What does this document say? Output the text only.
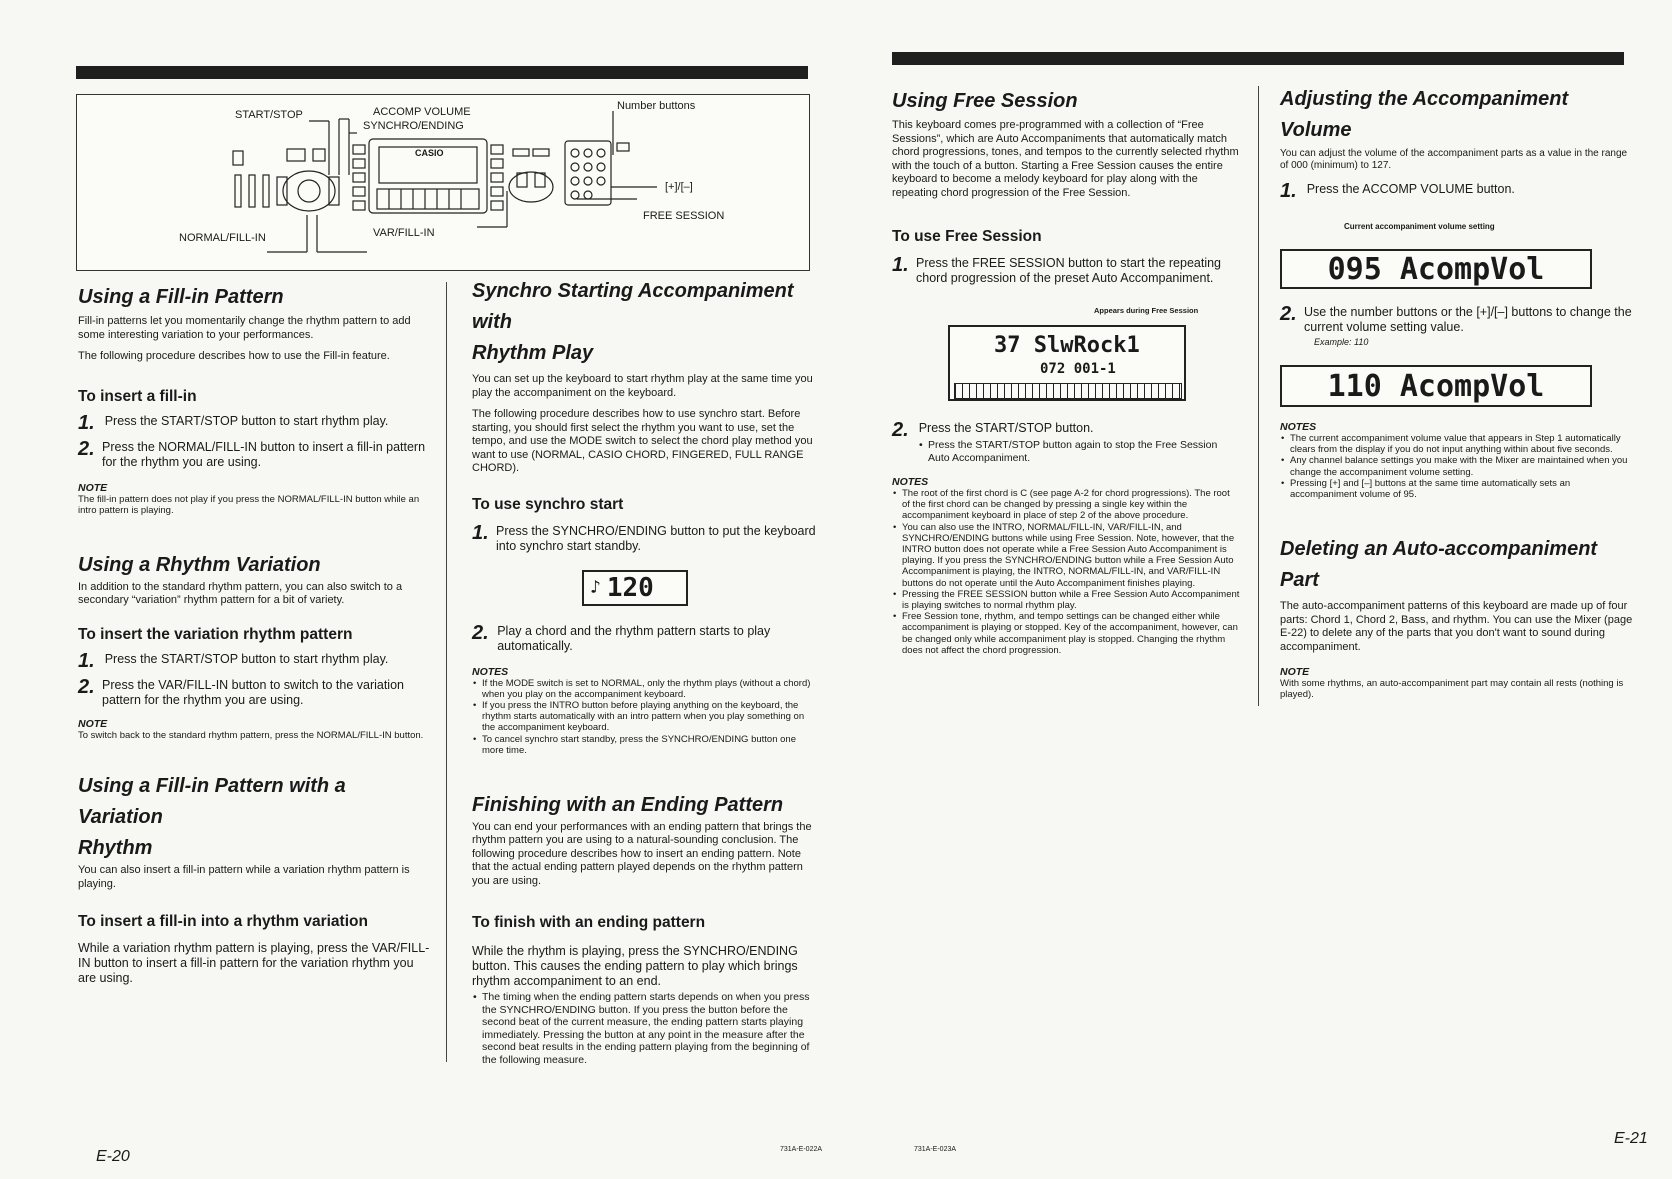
START/STOP	ACCOMP VOLUME
SYNCHRO/ENDING
Number buttons
[+]/[–]
FREE SESSION
NORMAL/FILL-IN	VAR/FILL-IN
CASIO

Using a Fill-in Pattern

Fill-in patterns let you momentarily change the rhythm pattern to add some interesting variation to your performances.

The following procedure describes how to use the Fill-in feature.

To insert a fill-in

1. Press the START/STOP button to start rhythm play.
2. Press the NORMAL/FILL-IN button to insert a fill-in pattern for the rhythm you are using.

NOTE

The fill-in pattern does not play if you press the NORMAL/FILL-IN button while an intro pattern is playing.

Using a Rhythm Variation

In addition to the standard rhythm pattern, you can also switch to a secondary “variation” rhythm pattern for a bit of variety.

To insert the variation rhythm pattern

1. Press the START/STOP button to start rhythm play.
2. Press the VAR/FILL-IN button to switch to the variation pattern for the rhythm you are using.

NOTE

To switch back to the standard rhythm pattern, press the NORMAL/FILL-IN button.

Using a Fill-in Pattern with a Variation

Rhythm

You can also insert a fill-in pattern while a variation rhythm pattern is playing.

To insert a fill-in into a rhythm variation

While a variation rhythm pattern is playing, press the VAR/FILL-IN button to insert a fill-in pattern for the variation rhythm you are using.

Synchro Starting Accompaniment with

Rhythm Play

You can set up the keyboard to start rhythm play at the same time you play the accompaniment on the keyboard.

The following procedure describes how to use synchro start. Before starting, you should first select the rhythm you want to use, set the tempo, and use the MODE switch to select the chord play method you want to use (NORMAL, CASIO CHORD, FINGERED, FULL RANGE CHORD).

To use synchro start

1. Press the SYNCHRO/ENDING button to put the keyboard into synchro start standby.
♪ 120
2. Play a chord and the rhythm pattern starts to play automatically.

NOTES

• If the MODE switch is set to NORMAL, only the rhythm plays (without a chord) when you play on the accompaniment keyboard.
• If you press the INTRO button before playing anything on the keyboard, the rhythm starts automatically with an intro pattern when you play something on the accompaniment keyboard.
• To cancel synchro start standby, press the SYNCHRO/ENDING button one more time.

Finishing with an Ending Pattern

You can end your performances with an ending pattern that brings the rhythm pattern you are using to a natural-sounding conclusion. The following procedure describes how to insert an ending pattern. Note that the actual ending pattern played depends on the rhythm pattern you are using.

To finish with an ending pattern

While the rhythm is playing, press the SYNCHRO/ENDING button. This causes the ending pattern to play which brings rhythm accompaniment to an end.

• The timing when the ending pattern starts depends on when you press the SYNCHRO/ENDING button. If you press the button before the second beat of the current measure, the ending pattern starts playing immediately. Pressing the button at any point in the measure after the second beat results in the ending pattern playing from the beginning of the following measure.
E-20	731A-E-022A

Using Free Session

This keyboard comes pre-programmed with a collection of “Free Sessions”, which are Auto Accompaniments that automatically match chord progressions, tones, and tempos to the currently selected rhythm with the touch of a button. Starting a Free Session causes the entire keyboard to become a melody keyboard for play along with the repeating chord progression of the Free Session.

To use Free Session

1. Press the FREE SESSION button to start the repeating chord progression of the preset Auto Accompaniment.

Appears during Free Session

37 SlwRock1
072 001-1
2. Press the START/STOP button.
• Press the START/STOP button again to stop the Free Session Auto Accompaniment.

NOTES

• The root of the first chord is C (see page A-2 for chord progressions). The root of the first chord can be changed by pressing a single key within the accompaniment keyboard in place of step 2 of the above procedure.
• You can also use the INTRO, NORMAL/FILL-IN, VAR/FILL-IN, and SYNCHRO/ENDING buttons while using Free Session. Note, however, that the INTRO button does not operate while a Free Session Auto Accompaniment is playing. If you press the SYNCHRO/ENDING button while a Free Session Auto Accompaniment is playing, the INTRO, NORMAL/FILL-IN, and VAR/FILL-IN buttons do not operate until the Auto Accompaniment finishes playing.
• Pressing the FREE SESSION button while a Free Session Auto Accompaniment is playing switches to normal rhythm play.
• Free Session tone, rhythm, and tempo settings can be changed either while accompaniment is playing or stopped. Key of the accompaniment, however, can be changed only while accompaniment play is stopped. Changing the rhythm does not affect the chord progression.

Adjusting the Accompaniment Volume

You can adjust the volume of the accompaniment parts as a value in the range of 000 (minimum) to 127.

1. Press the ACCOMP VOLUME button.

Current accompaniment volume setting

095 AcompVol
2. Use the number buttons or the [+]/[–] buttons to change the current volume setting value.

Example: 110

110 AcompVol

NOTES

• The current accompaniment volume value that appears in Step 1 automatically clears from the display if you do not input anything within about five seconds.
• Any channel balance settings you make with the Mixer are maintained when you change the accompaniment volume setting.
• Pressing [+] and [–] buttons at the same time automatically sets an accompaniment volume of 95.

Deleting an Auto-accompaniment Part

The auto-accompaniment patterns of this keyboard are made up of four parts: Chord 1, Chord 2, Bass, and rhythm. You can use the Mixer (page E-22) to delete any of the parts that you don't want to sound during accompaniment.

NOTE

With some rhythms, an auto-accompaniment part may contain all rests (nothing is played).

731A-E-023A
E-21
